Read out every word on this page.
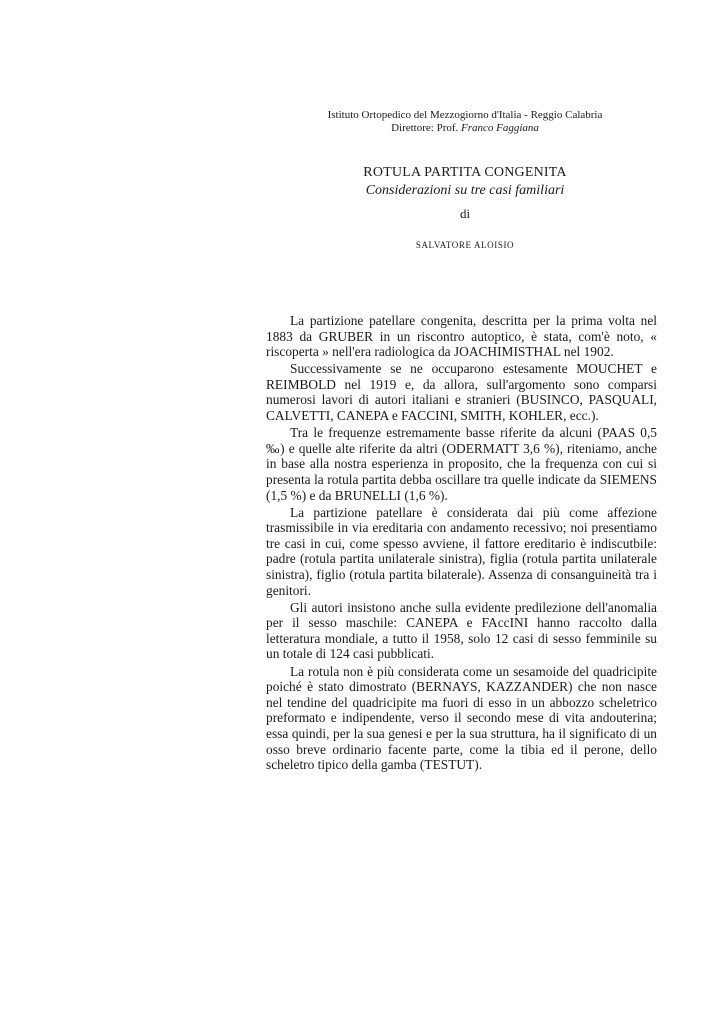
Istituto Ortopedico del Mezzogiorno d'Italia - Reggio Calabria
Direttore: Prof. Franco Faggiana
ROTULA PARTITA CONGENITA
Considerazioni su tre casi familiari
di
SALVATORE ALOISIO

La partizione patellare congenita, descritta per la prima volta nel 1883 da GRUBER in un riscontro autoptico, è stata, com'è noto, « riscoperta » nell'era radiologica da JOACHIMISTHAL nel 1902.

Successivamente se ne occuparono estesamente MOUCHET e REIMBOLD nel 1919 e, da allora, sull'argomento sono comparsi numerosi lavori di autori italiani e stranieri (BUSINCO, PASQUALI, CALVETTI, CANEPA e FACCINI, SMITH, KOHLER, ecc.).

Tra le frequenze estremamente basse riferite da alcuni (PAAS 0,5 ‰) e quelle alte riferite da altri (ODERMATT 3,6 %), riteniamo, anche in base alla nostra esperienza in proposito, che la frequenza con cui si presenta la rotula partita debba oscillare tra quelle indicate da SIEMENS (1,5 %) e da BRUNELLI (1,6 %).

La partizione patellare è considerata dai più come affezione trasmissibile in via ereditaria con andamento recessivo; noi presentiamo tre casi in cui, come spesso avviene, il fattore ereditario è indiscutbile: padre (rotula partita unilaterale sinistra), figlia (rotula partita unilaterale sinistra), figlio (rotula partita bilaterale). Assenza di consanguineità tra i genitori.

Gli autori insistono anche sulla evidente predilezione dell'anomalia per il sesso maschile: CANEPA e FAccINI hanno raccolto dalla letteratura mondiale, a tutto il 1958, solo 12 casi di sesso femminile su un totale di 124 casi pubblicati.

La rotula non è più considerata come un sesamoide del quadricipite poiché è stato dimostrato (BERNAYS, KAZZANDER) che non nasce nel tendine del quadricipite ma fuori di esso in un abbozzo scheletrico preformato e indipendente, verso il secondo mese di vita andouterina; essa quindi, per la sua genesi e per la sua struttura, ha il significato di un osso breve ordinario facente parte, come la tibia ed il perone, dello scheletro tipico della gamba (TESTUT).
